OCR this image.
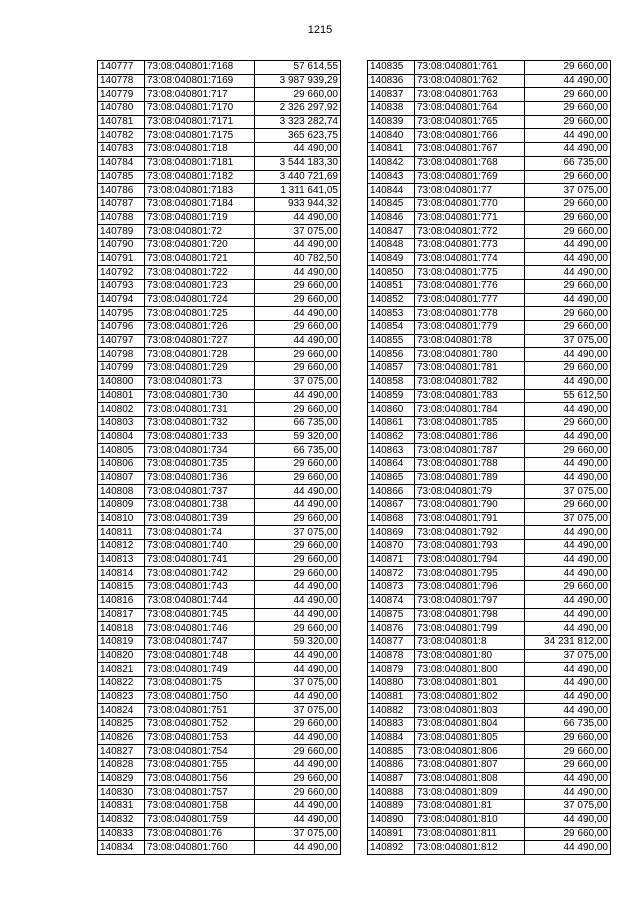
1215
140777	73:08:040801:7168	57 614,55
140778	73:08:040801:7169	3 987 939,29
140779	73:08:040801:717	29 660,00
140780	73:08:040801:7170	2 326 297,92
140781	73:08:040801:7171	3 323 282,74
140782	73:08:040801:7175	365 623,75
140783	73:08:040801:718	44 490,00
140784	73:08:040801:7181	3 544 183,30
140785	73:08:040801:7182	3 440 721,69
140786	73:08:040801:7183	1 311 641,05
140787	73:08:040801:7184	933 944,32
140788	73:08:040801:719	44 490,00
140789	73:08:040801:72	37 075,00
140790	73:08:040801:720	44 490,00
140791	73:08:040801:721	40 782,50
140792	73:08:040801:722	44 490,00
140793	73:08:040801:723	29 660,00
140794	73:08:040801:724	29 660,00
140795	73:08:040801:725	44 490,00
140796	73:08:040801:726	29 660,00
140797	73:08:040801:727	44 490,00
140798	73:08:040801:728	29 660,00
140799	73:08:040801:729	29 660,00
140800	73:08:040801:73	37 075,00
140801	73:08:040801:730	44 490,00
140802	73:08:040801:731	29 660,00
140803	73:08:040801:732	66 735,00
140804	73:08:040801:733	59 320,00
140805	73:08:040801:734	66 735,00
140806	73:08:040801:735	29 660,00
140807	73:08:040801:736	29 660,00
140808	73:08:040801:737	44 490,00
140809	73:08:040801:738	44 490,00
140810	73:08:040801:739	29 660,00
140811	73:08:040801:74	37 075,00
140812	73:08:040801:740	29 660,00
140813	73:08:040801:741	29 660,00
140814	73:08:040801:742	29 660,00
140815	73:08:040801:743	44 490,00
140816	73:08:040801:744	44 490,00
140817	73:08:040801:745	44 490,00
140818	73:08:040801:746	29 660,00
140819	73:08:040801:747	59 320,00
140820	73:08:040801:748	44 490,00
140821	73:08:040801:749	44 490,00
140822	73:08:040801:75	37 075,00
140823	73:08:040801:750	44 490,00
140824	73:08:040801:751	37 075,00
140825	73:08:040801:752	29 660,00
140826	73:08:040801:753	44 490,00
140827	73:08:040801:754	29 660,00
140828	73:08:040801:755	44 490,00
140829	73:08:040801:756	29 660,00
140830	73:08:040801:757	29 660,00
140831	73:08:040801:758	44 490,00
140832	73:08:040801:759	44 490,00
140833	73:08:040801:76	37 075,00
140834	73:08:040801:760	44 490,00
140835	73:08:040801:761	29 660,00
140836	73:08:040801:762	44 490,00
140837	73:08:040801:763	29 660,00
140838	73:08:040801:764	29 660,00
140839	73:08:040801:765	29 660,00
140840	73:08:040801:766	44 490,00
140841	73:08:040801:767	44 490,00
140842	73:08:040801:768	66 735,00
140843	73:08:040801:769	29 660,00
140844	73:08:040801:77	37 075,00
140845	73:08:040801:770	29 660,00
140846	73:08:040801:771	29 660,00
140847	73:08:040801:772	29 660,00
140848	73:08:040801:773	44 490,00
140849	73:08:040801:774	44 490,00
140850	73:08:040801:775	44 490,00
140851	73:08:040801:776	29 660,00
140852	73:08:040801:777	44 490,00
140853	73:08:040801:778	29 660,00
140854	73:08:040801:779	29 660,00
140855	73:08:040801:78	37 075,00
140856	73:08:040801:780	44 490,00
140857	73:08:040801:781	29 660,00
140858	73:08:040801:782	44 490,00
140859	73:08:040801:783	55 612,50
140860	73:08:040801:784	44 490,00
140861	73:08:040801:785	29 660,00
140862	73:08:040801:786	44 490,00
140863	73:08:040801:787	29 660,00
140864	73:08:040801:788	44 490,00
140865	73:08:040801:789	44 490,00
140866	73:08:040801:79	37 075,00
140867	73:08:040801:790	29 660,00
140868	73:08:040801:791	37 075,00
140869	73:08:040801:792	44 490,00
140870	73:08:040801:793	44 490,00
140871	73:08:040801:794	44 490,00
140872	73:08:040801:795	44 490,00
140873	73:08:040801:796	29 660,00
140874	73:08:040801:797	44 490,00
140875	73:08:040801:798	44 490,00
140876	73:08:040801:799	44 490,00
140877	73:08:040801:8	34 231 812,00
140878	73:08:040801:80	37 075,00
140879	73:08:040801:800	44 490,00
140880	73:08:040801:801	44 490,00
140881	73:08:040801:802	44 490,00
140882	73:08:040801:803	44 490,00
140883	73:08:040801:804	66 735,00
140884	73:08:040801:805	29 660,00
140885	73:08:040801:806	29 660,00
140886	73:08:040801:807	29 660,00
140887	73:08:040801:808	44 490,00
140888	73:08:040801:809	44 490,00
140889	73:08:040801:81	37 075,00
140890	73:08:040801:810	44 490,00
140891	73:08:040801:811	29 660,00
140892	73:08:040801:812	44 490,00
